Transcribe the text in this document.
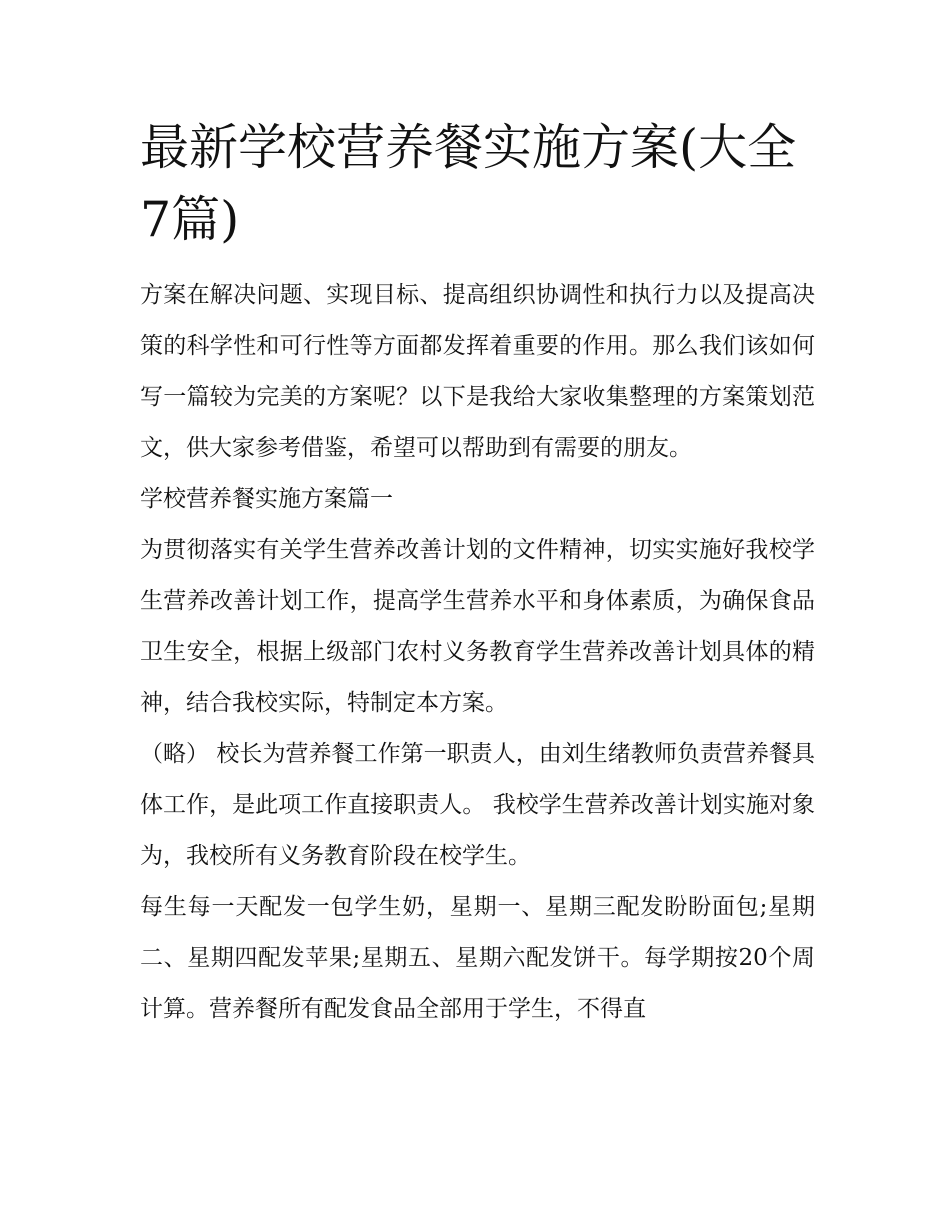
最新学校营养餐实施方案(大全7篇)

方案在解决问题、实现目标、提高组织协调性和执行力以及提高决策的科学性和可行性等方面都发挥着重要的作用。那么我们该如何写一篇较为完美的方案呢？以下是我给大家收集整理的方案策划范文，供大家参考借鉴，希望可以帮助到有需要的朋友。

学校营养餐实施方案篇一

为贯彻落实有关学生营养改善计划的文件精神，切实实施好我校学生营养改善计划工作，提高学生营养水平和身体素质，为确保食品卫生安全，根据上级部门农村义务教育学生营养改善计划具体的精神，结合我校实际，特制定本方案。

（略） 校长为营养餐工作第一职责人，由刘生绪教师负责营养餐具体工作，是此项工作直接职责人。 我校学生营养改善计划实施对象为，我校所有义务教育阶段在校学生。

每生每一天配发一包学生奶，星期一、星期三配发盼盼面包;星期二、星期四配发苹果;星期五、星期六配发饼干。每学期按20个周计算。营养餐所有配发食品全部用于学生，不得直
